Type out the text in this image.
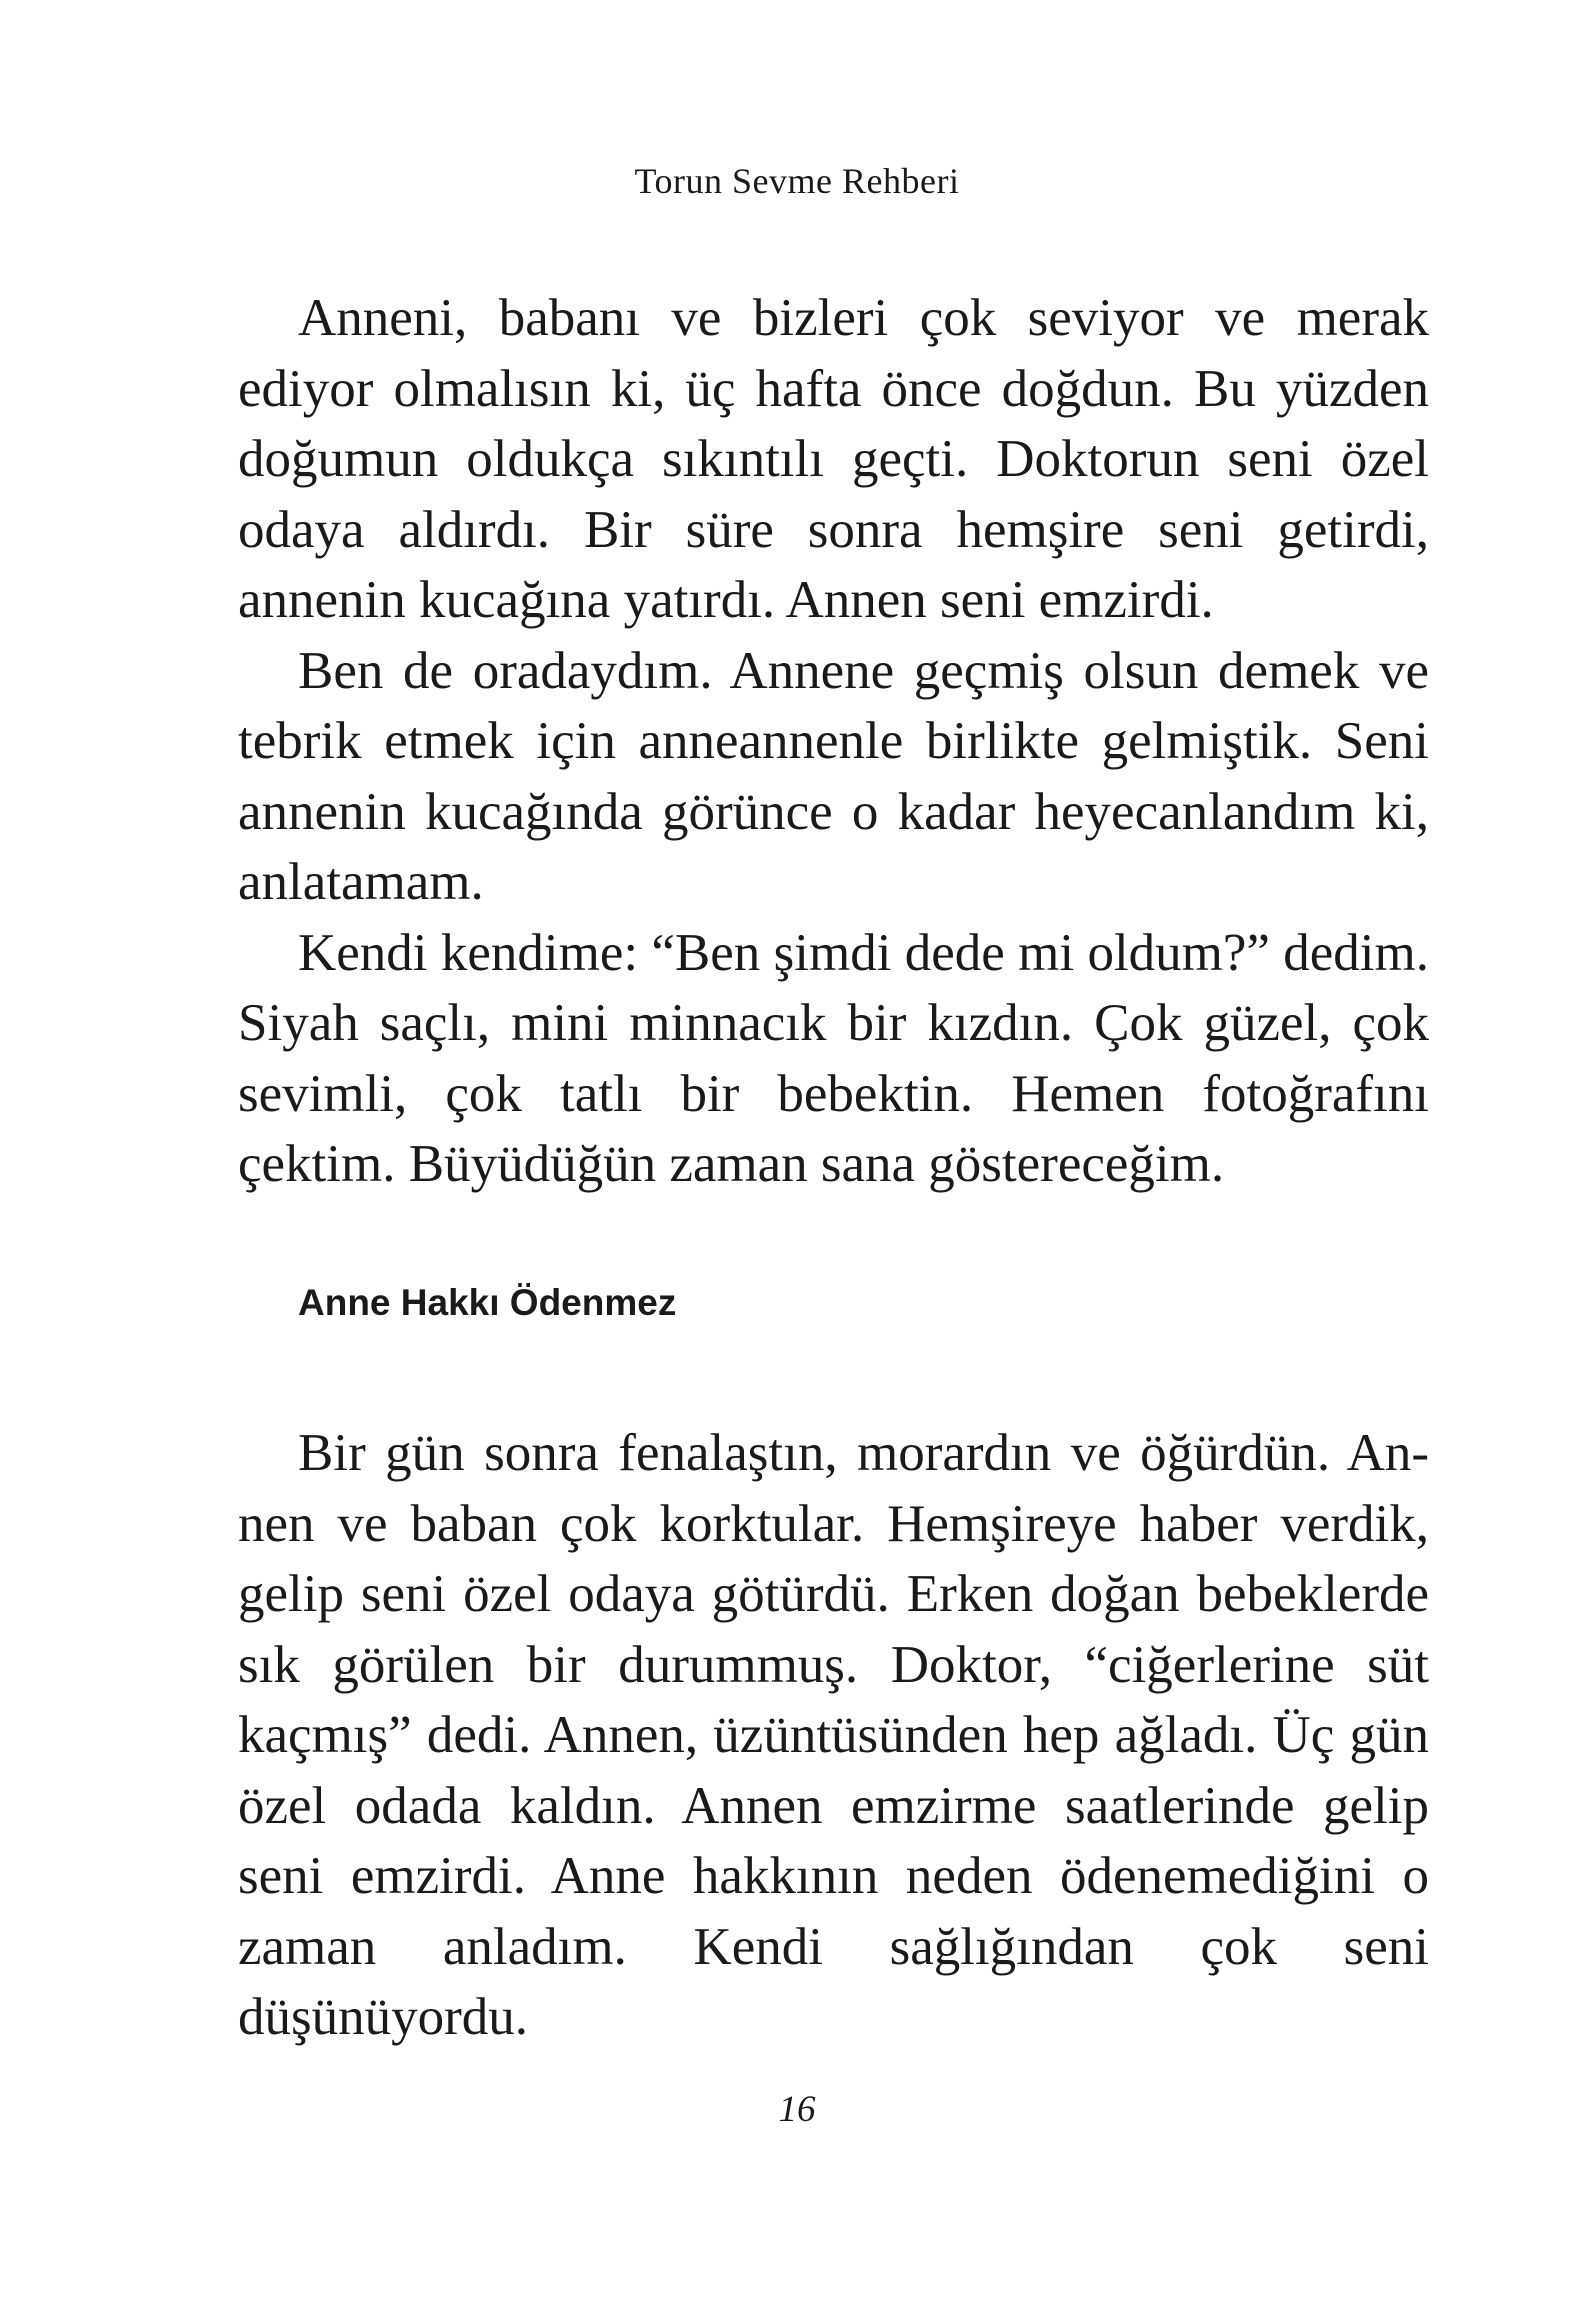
Torun Sevme Rehberi

Anneni, babanı ve bizleri çok seviyor ve merak ediyor olmalısın ki, üç hafta önce doğdun. Bu yüzden doğumun oldukça sıkıntılı geçti. Doktorun seni özel odaya aldırdı. Bir süre sonra hemşire seni getirdi, annenin kucağına yatırdı. Annen seni emzirdi.

Ben de oradaydım. Annene geçmiş olsun demek ve tebrik etmek için anneannenle birlikte gelmiştik. Seni annenin kucağında görünce o kadar heyecanlandım ki, anlatamam.

Kendi kendime: “Ben şimdi dede mi oldum?” dedim. Siyah saçlı, mini minnacık bir kızdın. Çok güzel, çok sevimli, çok tatlı bir bebektin. Hemen fotoğrafını çektim. Büyüdüğün zaman sana göstereceğim.

Anne Hakkı Ödenmez

Bir gün sonra fenalaştın, morardın ve öğürdün. Annen ve baban çok korktular. Hemşireye haber verdik, gelip seni özel odaya götürdü. Erken doğan bebeklerde sık görülen bir durummuş. Doktor, “ciğerlerine süt kaçmış” dedi. Annen, üzüntüsünden hep ağladı. Üç gün özel odada kaldın. Annen emzirme saatlerinde gelip seni emzirdi. Anne hakkının neden ödenemediğini o zaman anladım. Kendi sağlığından çok seni düşünüyordu.

16
